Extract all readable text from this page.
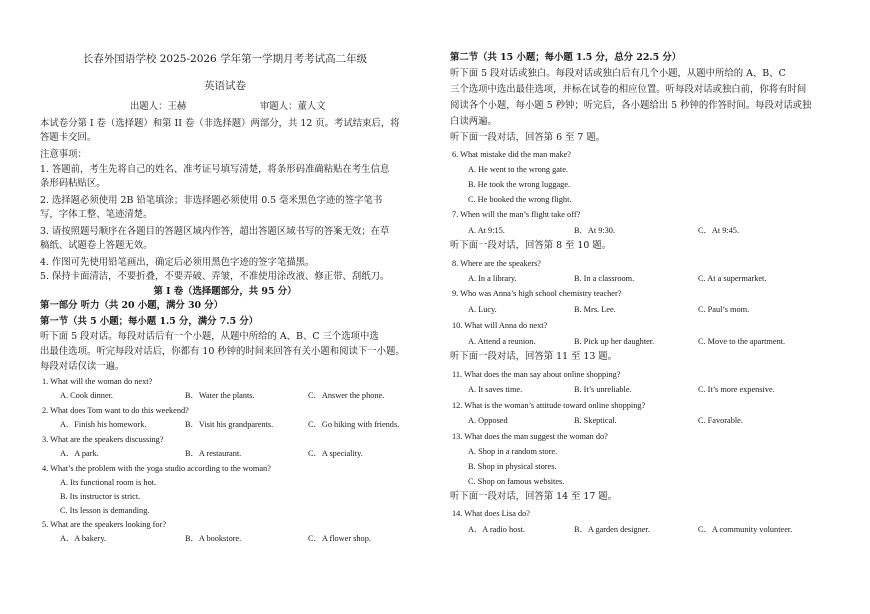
长春外国语学校 2025-2026 学年第一学期月考考试高二年级
英语试卷
出题人：王赫	审题人：董人文
本试卷分第 I 卷（选择题）和第 II 卷（非选择题）两部分，共 12 页。考试结束后，将
答题卡交回。
注意事项：
1. 答题前，考生先将自己的姓名、准考证号填写清楚，将条形码准确粘贴在考生信息
条形码粘贴区。
2. 选择题必须使用 2B 铅笔填涂；非选择题必须使用 0.5 毫米黑色字迹的签字笔书
写，字体工整、笔迹清楚。
3. 请按照题号顺序在各题目的答题区域内作答，超出答题区域书写的答案无效；在草
稿纸、试题卷上答题无效。
4. 作图可先使用铅笔画出，确定后必须用黑色字迹的签字笔描黑。
5. 保持卡面清洁，不要折叠，不要弄破、弄皱，不准使用涂改液、修正带、刮纸刀。
第 I 卷（选择题部分，共 95 分）
第一部分 听力（共 20 小题，满分 30 分）
第一节（共 5 小题；每小题 1.5 分，满分 7.5 分）
听下面 5 段对话。每段对话后有一个小题，从题中所给的 A、B、C 三个选项中选
出最佳选项。听完每段对话后，你都有 10 秒钟的时间来回答有关小题和阅读下一小题。
每段对话仅读一遍。
1. What will the woman do next?
A. Cook dinner.	B．Water the plants.	C．Answer the phone.
2. What does Tom want to do this weekend?
A．Finish his homework.	B．Visit his grandparents.	C．Go hiking with friends.
3. What are the speakers discussing?
A．A park.	B．A restaurant.	C．A speciality.
4. What’s the problem with the yoga studio according to the woman?
A. Its functional room is hot.
B. Its instructor is strict.
C. Its lesson is demanding.
5. What are the speakers looking for?
A．A bakery.	B．A bookstore.	C．A flower shop.
第二节（共 15 小题；每小题 1.5 分，总分 22.5 分）
听下面 5 段对话或独白。每段对话或独白后有几个小题，从题中所给的 A、B、C
三个选项中选出最佳选项，并标在试卷的相应位置。听每段对话或独白前，你将有时间
阅读各个小题，每小题 5 秒钟；听完后，各小题给出 5 秒钟的作答时间。每段对话或独
白读两遍。
听下面一段对话，回答第 6 至 7 题。
6. What mistake did the man make?
A. He went to the wrong gate.
B. He took the wrong luggage.
C. He booked the wrong flight.
7. When will the man’s flight take off?
A. At 9:15.	B．At 9:30.	C．At 9:45.
听下面一段对话，回答第 8 至 10 题。
8. Where are the speakers?
A. In a library.	B. In a classroom.	C. At a supermarket.
9. Who was Anna’s high school chemistry teacher?
A. Lucy.	B. Mrs. Lee.	C. Paul’s mom.
10. What will Anna do next?
A. Attend a reunion.	B. Pick up her daughter.	C. Move to the apartment.
听下面一段对话，回答第 11 至 13 题。
11. What does the man say about online shopping?
A. It saves time.	B. It’s unreliable.	C. It’s more expensive.
12. What is the woman’s attitude toward online shopping?
A. Opposed	B. Skeptical.	C. Favorable.
13. What does the man suggest the woman do?
A. Shop in a random store.
B. Shop in physical stores.
C. Shop on famous websites.
听下面一段对话，回答第 14 至 17 题。
14. What does Lisa do?
A．A radio host.	B．A garden designer.	C．A community volunteer.
